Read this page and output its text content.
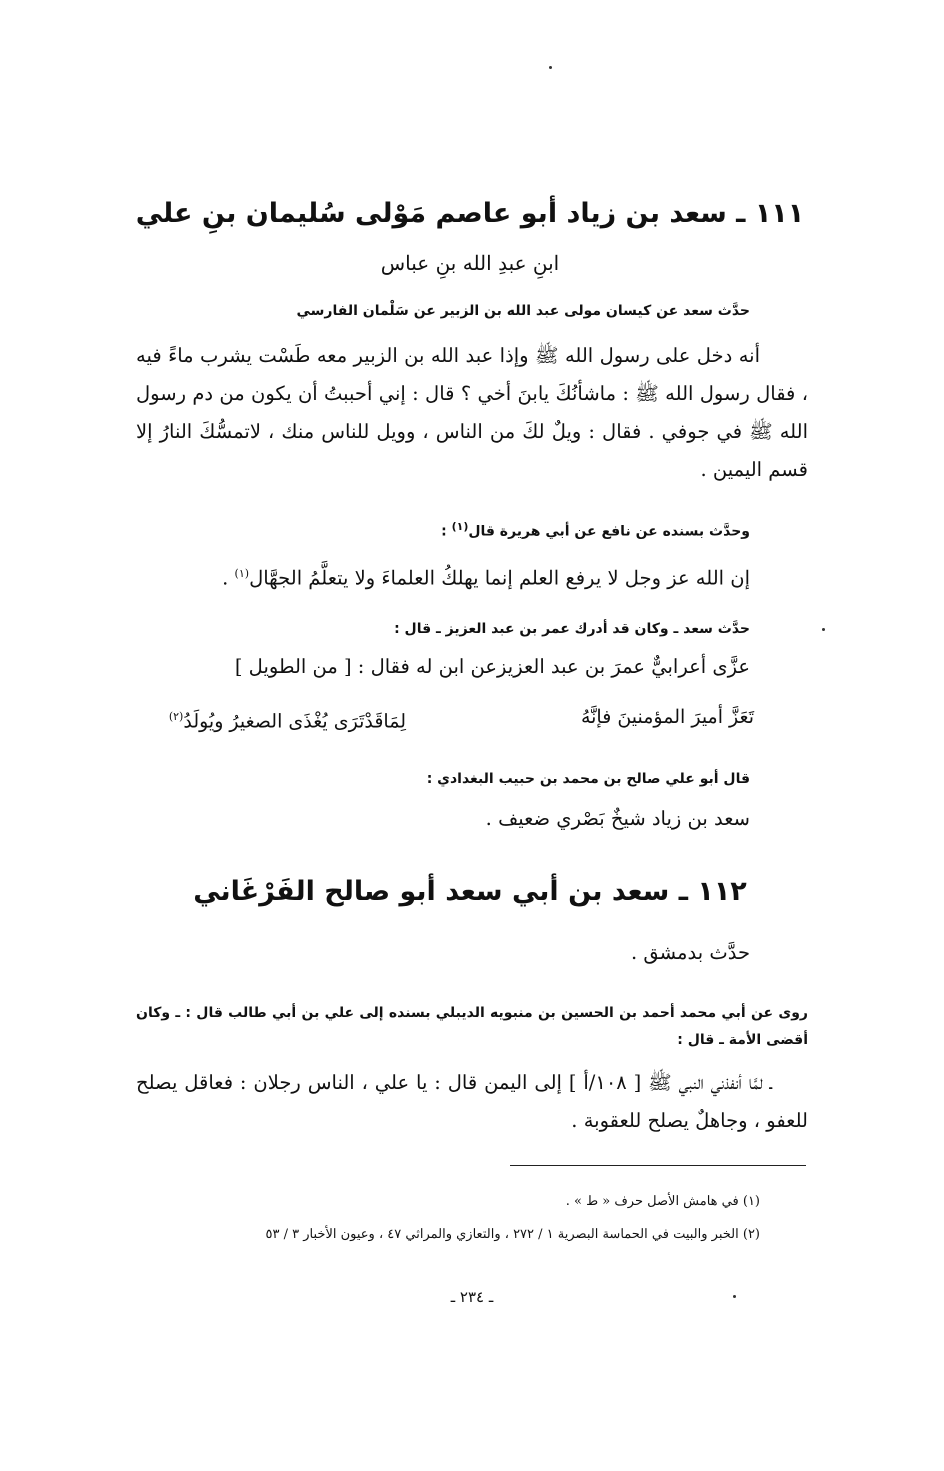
١١١ ـ سعد بن زياد أبو عاصم مَوْلى سُليمان بنِ علي
ابنِ عبدِ الله بنِ عباس
حدَّث سعد عن كيسان مولى عبد الله بن الزبير عن سَلْمان الفارسي
أنه دخل على رسول الله ﷺ وإذا عبد الله بن الزبير معه طَسْت يشرب ماءً فيه ، فقال رسول الله ﷺ : ماشأنُكَ يابنَ أخي ؟ قال : إني أحببتُ أن يكون من دم رسول الله ﷺ في جوفي . فقال : ويلٌ لكَ من الناس ، وويل للناس منك ، لاتمسُّكَ النارُ إلا قسم اليمين .
وحدَّث بسنده عن نافع عن أبي هريرة قال$^{(١)}$ :
إن الله عز وجل لا يرفع العلم إنما يهلكُ العلماءَ ولا يتعلَّمُ الجهَّال$^{(١)}$ .
حدَّث سعد ـ وكان قد أدرك عمر بن عبد العزيز ـ قال :
عزَّى أعرابيٌّ عمرَ بن عبد العزيزعن ابن له فقال : [ من الطويل ]
تَعَزَّ أميرَ المؤمنينَ فإنَّهُ
لِمَاقَدْتَرَى يُغْذَى الصغيرُ ويُولَدُ$^{(٢)}$
قال أبو علي صالح بن محمد بن حبيب البغدادي :
سعد بن زياد شيخٌ بَصْري ضعيف .
١١٢ ـ سعد بن أبي سعد أبو صالح الفَرْغَاني
حدَّث بدمشق .
روى عن أبي محمد أحمد بن الحسين بن منبويه الديبلي بسنده إلى علي بن أبي طالب قال : ـ وكان أقضى الأمة ـ قال :
ـ لمَّا أنفذني النبي ﷺ [ ١٠٨/أ ] إلى اليمن قال : يا علي ، الناس رجلان : فعاقل يصلح للعفو ، وجاهلٌ يصلح للعقوبة .
(١) في هامش الأصل حرف « ط » .
(٢) الخبر والبيت في الحماسة البصرية ١ / ٢٧٢ ، والتعازي والمراثي ٤٧ ، وعيون الأخبار ٣ / ٥٣
ـ ٢٣٤ ـ
